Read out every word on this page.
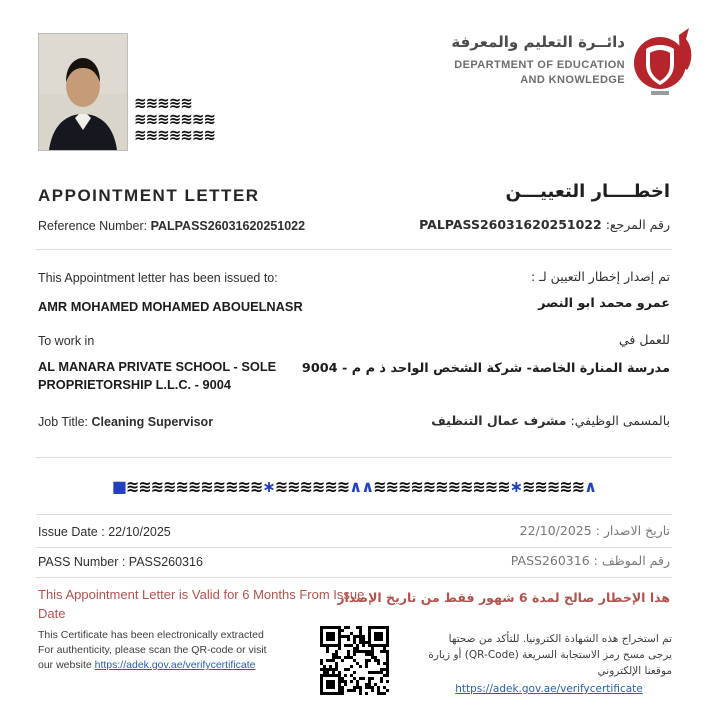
≋≋≋≋≋
≋≋≋≋≋≋≋
≋≋≋≋≋≋≋
دائــرة التعليم والمعرفة
DEPARTMENT OF EDUCATION
AND KNOWLEDGE
APPOINTMENT LETTER	اخطــــار التعييـــن
Reference Number: PALPASS26031620251022	رقم المرجع: PALPASS26031620251022
This Appointment letter has been issued to:	تم إصدار إخطار التعيين لـ :
AMR MOHAMED MOHAMED ABOUELNASR	عمرو محمد ابو النصر
To work in	للعمل في
AL MANARA PRIVATE SCHOOL - SOLE PROPRIETORSHIP L.L.C. - 9004
مدرسة المنارة الخاصة- شركة الشخص الواحد ذ م م - 9004
Job Title: Cleaning Supervisor	بالمسمى الوظيفي: مشرف عمال التنظيف
■≋≋≋≋≋≋≋≋≋≋≋∗≋≋≋≋≋≋∧∧≋≋≋≋≋≋≋≋≋≋≋∗≋≋≋≋≋∧
Issue Date : 22/10/2025	تاريخ الاصدار : 22/10/2025
PASS Number : PASS260316	رقم الموظف : PASS260316
This Appointment Letter is Valid for 6 Months From Issue Date
هذا الإخطار صالح لمدة 6 شهور فقط من تاريخ الإصدار
This Certificate has been electronically extracted For authenticity, please scan the QR-code or visit our website https://adek.gov.ae/verifycertificate
تم استخراج هذه الشهادة الكترونيا. للتأكد من صحتها يرجى مسح رمز الاستجابة السريعة (QR-Code) أو زيارة موقعنا الإلكتروني
https://adek.gov.ae/verifycertificate
